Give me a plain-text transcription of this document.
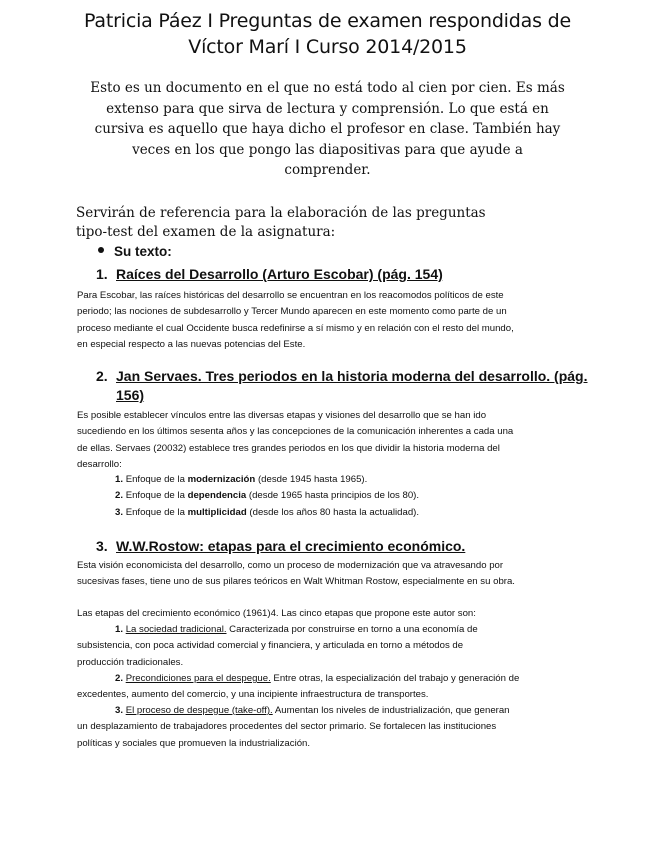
Patricia Páez I Preguntas de examen respondidas de
Víctor Marí I Curso 2014/2015
Esto es un documento en el que no está todo al cien por cien. Es más
extenso para que sirva de lectura y comprensión. Lo que está en
cursiva es aquello que haya dicho el profesor en clase. También hay
veces en los que pongo las diapositivas para que ayude a
comprender.
Servirán de referencia para la elaboración de las preguntas
tipo-test del examen de la asignatura:
Su texto:
1. Raíces del Desarrollo (Arturo Escobar) (pág. 154)
Para Escobar, las raíces históricas del desarrollo se encuentran en los reacomodos políticos de este
periodo; las nociones de subdesarrollo y Tercer Mundo aparecen en este momento como parte de un
proceso mediante el cual Occidente busca redefinirse a sí mismo y en relación con el resto del mundo,
en especial respecto a las nuevas potencias del Este.
2. Jan Servaes. Tres periodos en la historia moderna del desarrollo. (pág.
156)
Es posible establecer vínculos entre las diversas etapas y visiones del desarrollo que se han ido
sucediendo en los últimos sesenta años y las concepciones de la comunicación inherentes a cada una
de ellas. Servaes (20032) establece tres grandes periodos en los que dividir la historia moderna del
desarrollo:
1. Enfoque de la modernización (desde 1945 hasta 1965).
2. Enfoque de la dependencia (desde 1965 hasta principios de los 80).
3. Enfoque de la multiplicidad (desde los años 80 hasta la actualidad).
3. W.W.Rostow: etapas para el crecimiento económico.
Esta visión economicista del desarrollo, como un proceso de modernización que va atravesando por
sucesivas fases, tiene uno de sus pilares teóricos en Walt Whitman Rostow, especialmente en su obra.
Las etapas del crecimiento económico (1961)4. Las cinco etapas que propone este autor son:
1. La sociedad tradicional. Caracterizada por construirse en torno a una economía de
subsistencia, con poca actividad comercial y financiera, y articulada en torno a métodos de
producción tradicionales.
2. Precondiciones para el despegue. Entre otras, la especialización del trabajo y generación de
excedentes, aumento del comercio, y una incipiente infraestructura de transportes.
3. El proceso de despegue (take-off). Aumentan los niveles de industrialización, que generan
un desplazamiento de trabajadores procedentes del sector primario. Se fortalecen las instituciones
políticas y sociales que promueven la industrialización.
